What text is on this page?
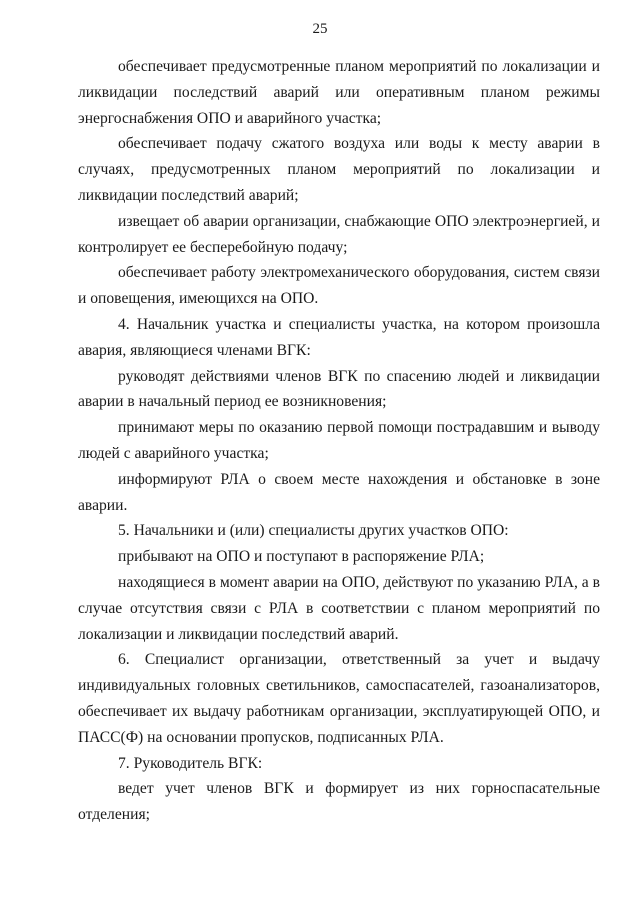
25

обеспечивает предусмотренные планом мероприятий по локализации и ликвидации последствий аварий или оперативным планом режимы энергоснабжения ОПО и аварийного участка;

обеспечивает подачу сжатого воздуха или воды к месту аварии в случаях, предусмотренных планом мероприятий по локализации и ликвидации последствий аварий;

извещает об аварии организации, снабжающие ОПО электроэнергией, и контролирует ее бесперебойную подачу;

обеспечивает работу электромеханического оборудования, систем связи и оповещения, имеющихся на ОПО.

4. Начальник участка и специалисты участка, на котором произошла авария, являющиеся членами ВГК:

руководят действиями членов ВГК по спасению людей и ликвидации аварии в начальный период ее возникновения;

принимают меры по оказанию первой помощи пострадавшим и выводу людей с аварийного участка;

информируют РЛА о своем месте нахождения и обстановке в зоне аварии.

5. Начальники и (или) специалисты других участков ОПО:

прибывают на ОПО и поступают в распоряжение РЛА;

находящиеся в момент аварии на ОПО, действуют по указанию РЛА, а в случае отсутствия связи с РЛА в соответствии с планом мероприятий по локализации и ликвидации последствий аварий.

6. Специалист организации, ответственный за учет и выдачу индивидуальных головных светильников, самоспасателей, газоанализаторов, обеспечивает их выдачу работникам организации, эксплуатирующей ОПО, и ПАСС(Ф) на основании пропусков, подписанных РЛА.

7. Руководитель ВГК:

ведет учет членов ВГК и формирует из них горноспасательные отделения;
